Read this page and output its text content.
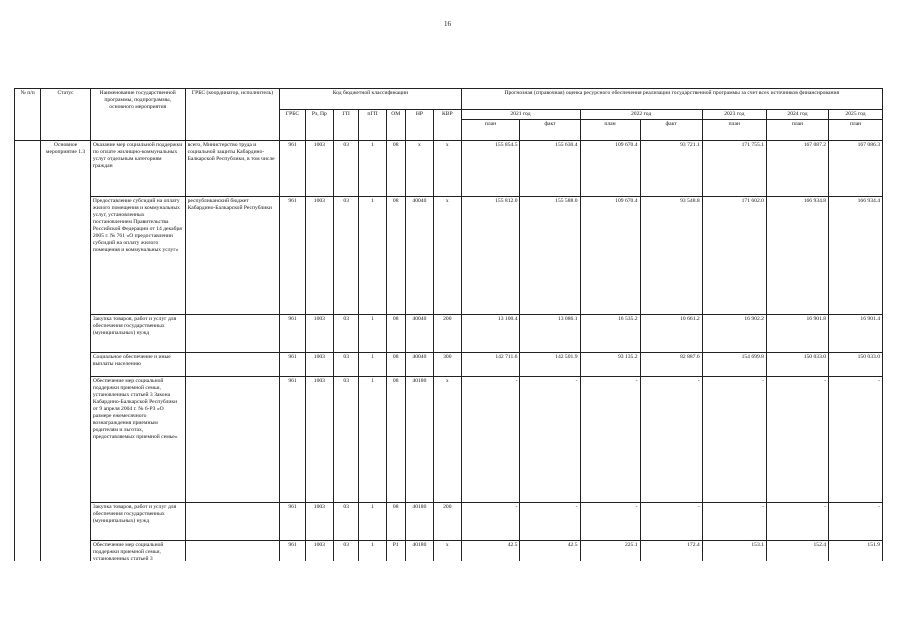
16
№ п/п	Статус	Наименование государственной программы, подпрограммы, основного мероприятия	ГРБС (координатор, исполнитель)	Код бюджетной классификации							Прогнозная (справочная) оценка ресурсного обеспечения реализации государственной программы за счет всех источников финансирования						
				ГРБС	Рз, Пр	ГП	пГП	ОМ	НР	КВР	2021 год		2022 год		2023 год	2024 год	2025 год
											план	факт	план	факт	план	план	план
	Основное мероприятие 1.3	Оказание мер социальной поддержки по оплате жилищно-коммунальных услуг отдельным категориям граждан	всего, Министерство труда и социальной защиты Кабардино-Балкарской Республики, в том числе	961	1003	03	1	08	х	х	155 854.5	155 630.4	109 670.4	93 721.1	171 755.1	167 087.2	167 086.3
		Предоставление субсидий на оплату жилого помещения и коммунальных услуг, установленных постановлением Правительства Российской Федерации от 14 декабря 2005 г. № 761 «О предоставлении субсидий на оплату жилого помещения и коммунальных услуг»	республиканский бюджет Кабардино-Балкарской Республики	961	1003	03	1	08	40040	х	155 812.0	155 588.0	109 670.4	93 548.8	171 602.0	166 934.8	166 934.4
		Закупка товаров, работ и услуг для обеспечения государственных (муниципальных) нужд		961	1003	03	1	08	40040	200	13 100.4	13 086.1	16 535.2	10 661.2	16 902.2	16 901.8	16 901.4
		Социальное обеспечение и иные выплаты населению		961	1003	03	1	08	40040	300	142 711.6	142 501.9	93 135.2	82 887.6	154 699.8	150 033.0	150 033.0
		Обеспечение мер социальной поддержки приемной семьи, установленных статьей 3 Закона Кабардино-Балкарской Республики от 9 апреля 2004 г. № 6-РЗ «О размере ежемесячного вознаграждения приемным родителям и льготах, предоставляемых приемной семье»		961	1003	03	1	08	40180	х	-	-	-	-	-	-	-
		Закупка товаров, работ и услуг для обеспечения государственных (муниципальных) нужд		961	1003	03	1	08	40180	200	-	-	-	-	-	-	-

		Обеспечение мер социальной поддержки приемной семьи, установленных статьей 3		961	1003	03	1	Р1	40180	х	42.5	42.5	225.1	172.4	153.1	152.4	151.9
